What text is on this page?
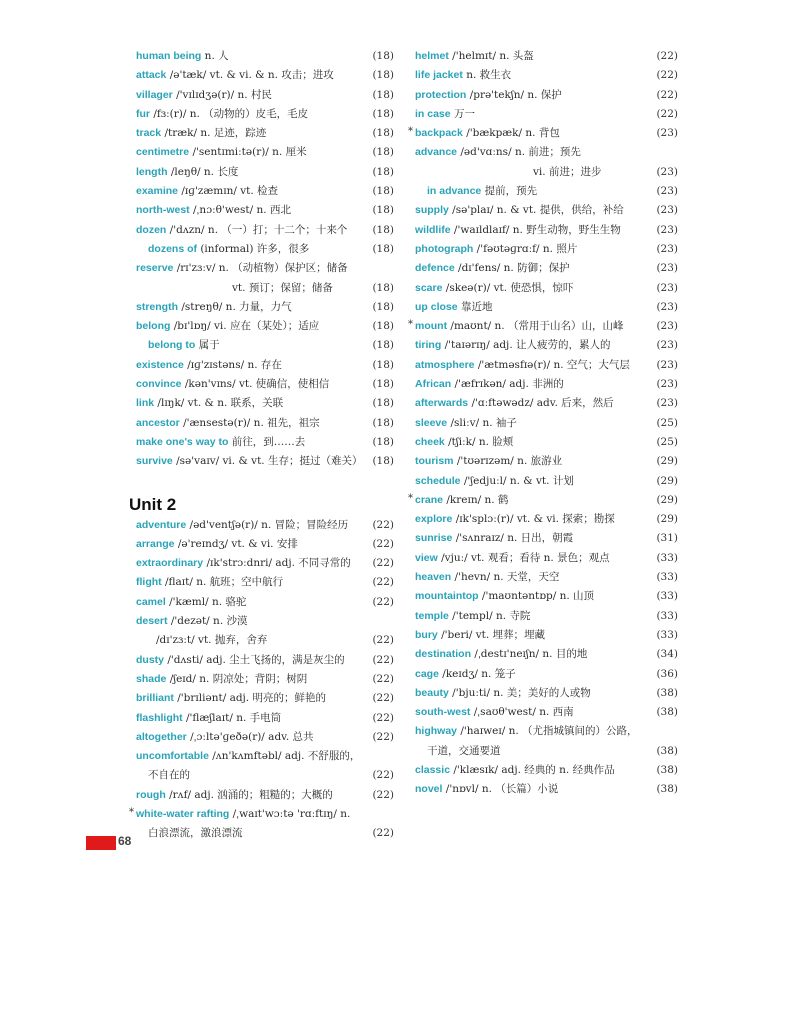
human being n. 人	(18)
attack /ə'tæk/ vt. & vi. & n. 攻击；进攻	(18)
villager /'vɪlɪdʒə(r)/ n. 村民	(18)
fur /fɜː(r)/ n. （动物的）皮毛，毛皮	(18)
track /træk/ n. 足迹，踪迹	(18)
centimetre /'sentɪmiːtə(r)/ n. 厘米	(18)
length /leŋθ/ n. 长度	(18)
examine /ɪɡ'zæmɪn/ vt. 检查	(18)
north-west /ˌnɔːθ'west/ n. 西北	(18)
dozen /'dʌzn/ n. （一）打；十二个；十来个	(18)
dozens of (informal) 许多，很多	(18)
reserve /rɪ'zɜːv/ n. （动植物）保护区；储备
vt. 预订；保留；储备	(18)
strength /streŋθ/ n. 力量，力气	(18)
belong /bɪ'lɒŋ/ vi. 应在（某处）；适应	(18)
belong to 属于	(18)
existence /ɪɡ'zɪstəns/ n. 存在	(18)
convince /kən'vɪns/ vt. 使确信，使相信	(18)
link /lɪŋk/ vt. & n. 联系，关联	(18)
ancestor /'ænsestə(r)/ n. 祖先，祖宗	(18)
make one's way to 前往，到……去	(18)
survive /sə'vaɪv/ vi. & vt. 生存；挺过（难关） (18)
Unit 2
adventure /əd'ventʃə(r)/ n. 冒险；冒险经历	(22)
arrange /ə'reɪndʒ/ vt. & vi. 安排	(22)
extraordinary /ɪk'strɔːdnri/ adj. 不同寻常的	(22)
flight /flaɪt/ n. 航班；空中航行	(22)
camel /'kæml/ n. 骆驼	(22)
desert /'dezət/ n. 沙漠
/dɪ'zɜːt/ vt. 抛弃，舍弃	(22)
dusty /'dʌsti/ adj. 尘土飞扬的，满是灰尘的	(22)
shade /ʃeɪd/ n. 阴凉处；背阴；树阴	(22)
brilliant /'brɪliənt/ adj. 明亮的；鲜艳的	(22)
flashlight /'flæʃlaɪt/ n. 手电筒	(22)
altogether /ˌɔːltə'ɡeðə(r)/ adv. 总共	(22)
uncomfortable /ʌn'kʌmftəbl/ adj. 不舒服的，
不自在的	(22)
rough /rʌf/ adj. 汹涌的；粗糙的；大概的	(22)
* white-water rafting /ˌwaɪt'wɔːtə 'rɑːftɪŋ/ n.
白浪漂流，激浪漂流	(22)
helmet /'helmɪt/ n. 头盔	(22)
life jacket n. 救生衣	(22)
protection /prə'tekʃn/ n. 保护	(22)
in case 万一	(22)
* backpack /'bækpæk/ n. 背包	(23)
advance /əd'vɑːns/ n. 前进；预先
vi. 前进；进步	(23)
in advance 提前，预先	(23)
supply /sə'plaɪ/ n. & vt. 提供，供给，补给	(23)
wildlife /'waɪldlaɪf/ n. 野生动物，野生生物	(23)
photograph /'fəʊtəɡrɑːf/ n. 照片	(23)
defence /dɪ'fens/ n. 防御；保护	(23)
scare /skeə(r)/ vt. 使恐惧，惊吓	(23)
up close 靠近地	(23)
* mount /maʊnt/ n. （常用于山名）山，山峰	(23)
tiring /'taɪərɪŋ/ adj. 让人疲劳的，累人的	(23)
atmosphere /'ætməsfɪə(r)/ n. 空气；大气层	(23)
African /'æfrɪkən/ adj. 非洲的	(23)
afterwards /'ɑːftəwədz/ adv. 后来，然后	(23)
sleeve /sliːv/ n. 袖子	(25)
cheek /tʃiːk/ n. 脸颊	(25)
tourism /'tʊərɪzəm/ n. 旅游业	(29)
schedule /'ʃedjuːl/ n. & vt. 计划	(29)
* crane /kreɪn/ n. 鹤	(29)
explore /ɪk'splɔː(r)/ vt. & vi. 探索；勘探	(29)
sunrise /'sʌnraɪz/ n. 日出，朝霞	(31)
view /vjuː/ vt. 观看；看待 n. 景色；观点	(33)
heaven /'hevn/ n. 天堂，天空	(33)
mountaintop /'maʊntəntɒp/ n. 山顶	(33)
temple /'templ/ n. 寺院	(33)
bury /'beri/ vt. 埋葬；埋藏	(33)
destination /ˌdestɪ'neɪʃn/ n. 目的地	(34)
cage /keɪdʒ/ n. 笼子	(36)
beauty /'bjuːti/ n. 美；美好的人或物	(38)
south-west /ˌsaʊθ'west/ n. 西南	(38)
highway /'haɪweɪ/ n. （尤指城镇间的）公路，
干道，交通要道	(38)
classic /'klæsɪk/ adj. 经典的 n. 经典作品	(38)
novel /'nɒvl/ n. （长篇）小说	(38)
68
